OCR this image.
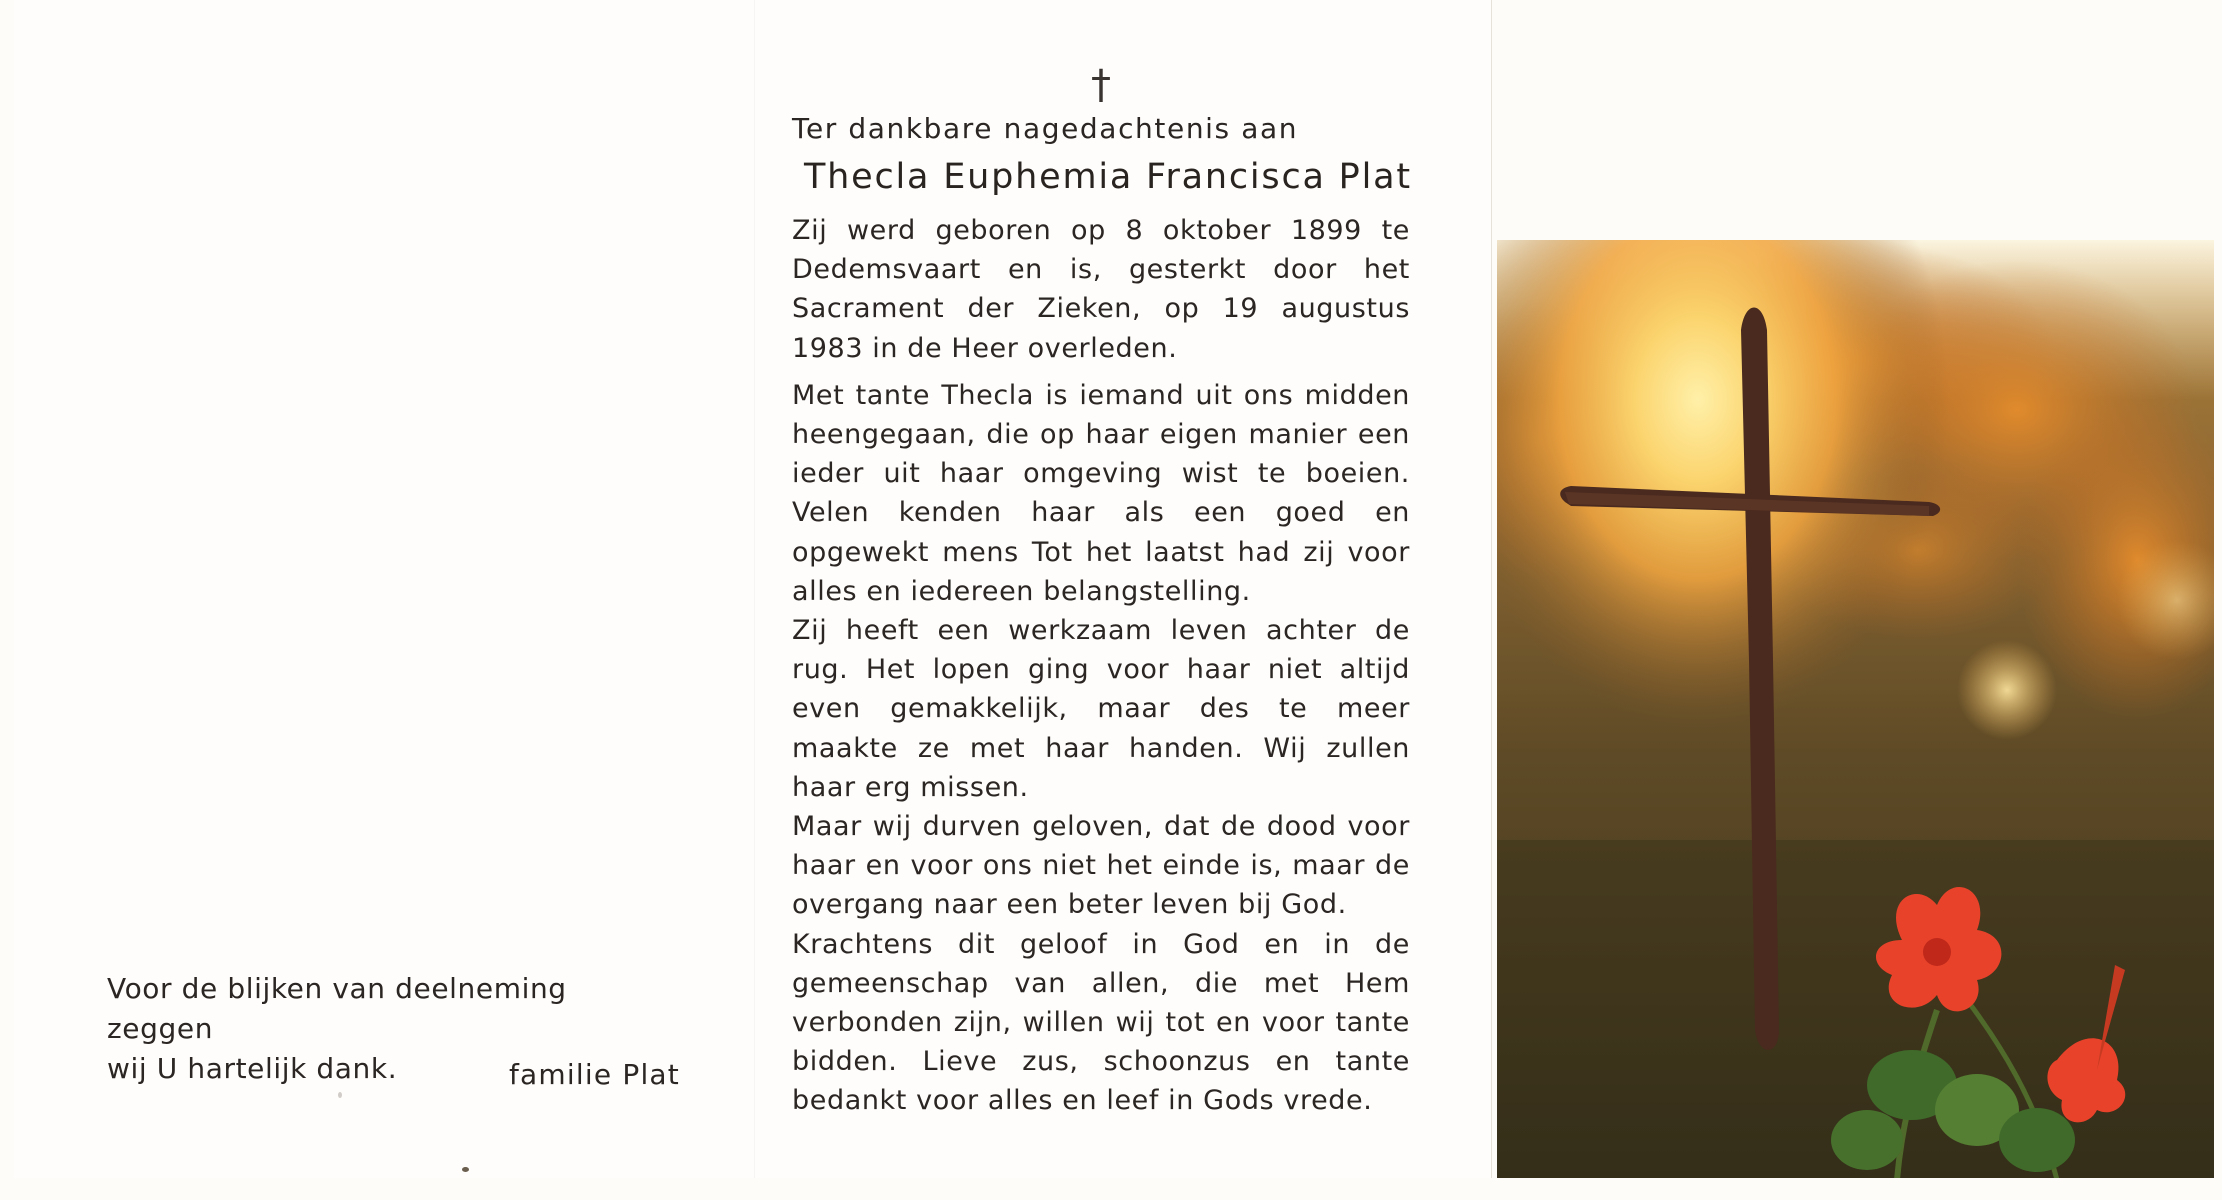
†
Ter dankbare nagedachtenis aan
Thecla Euphemia Francisca Plat

Zij werd geboren op 8 oktober 1899 te Dedemsvaart en is, gesterkt door het Sacrament der Zieken, op 19 augustus 1983 in de Heer overleden.

Met tante Thecla is iemand uit ons midden heengegaan, die op haar eigen manier een ieder uit haar omgeving wist te boeien. Velen kenden haar als een goed en opgewekt mens Tot het laatst had zij voor alles en iedereen belangstelling.

Zij heeft een werkzaam leven achter de rug. Het lopen ging voor haar niet altijd even gemakkelijk, maar des te meer maakte ze met haar handen. Wij zullen haar erg missen.

Maar wij durven geloven, dat de dood voor haar en voor ons niet het einde is, maar de overgang naar een beter leven bij God.

Krachtens dit geloof in God en in de gemeenschap van allen, die met Hem verbonden zijn, willen wij tot en voor tante bidden. Lieve zus, schoonzus en tante bedankt voor alles en leef in Gods vrede.

Voor de blijken van deelneming zeggen
wij U hartelijk dank.	familie Plat
